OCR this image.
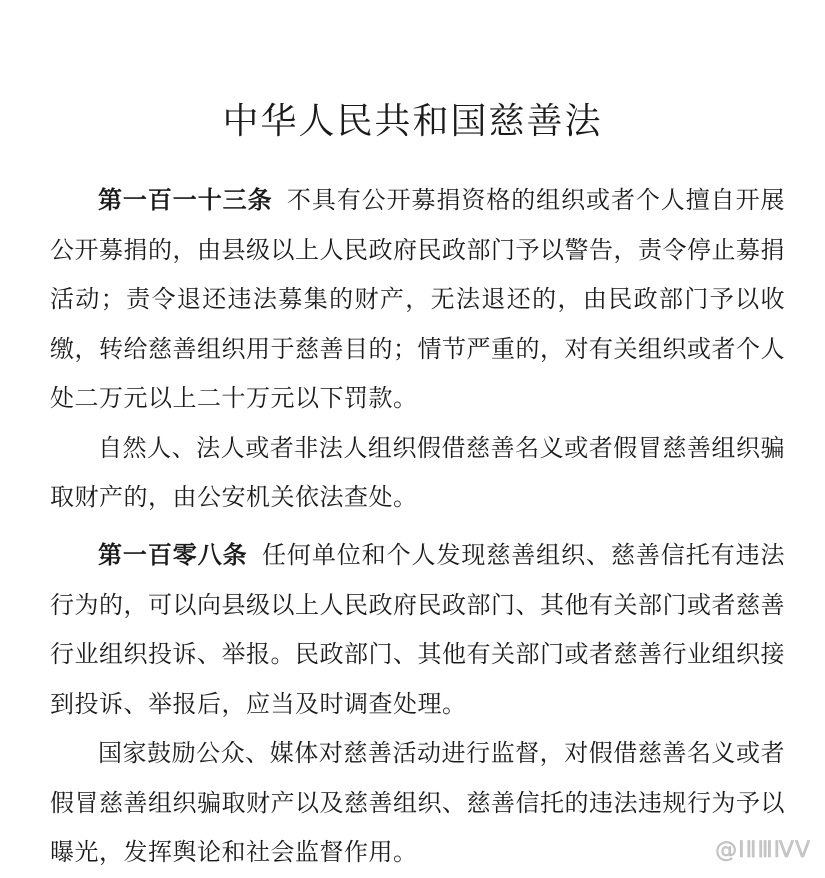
中华人民共和国慈善法

第一百一十三条 不具有公开募捐资格的组织或者个人擅自开展公开募捐的，由县级以上人民政府民政部门予以警告，责令停止募捐活动；责令退还违法募集的财产，无法退还的，由民政部门予以收缴，转给慈善组织用于慈善目的；情节严重的，对有关组织或者个人处二万元以上二十万元以下罚款。

自然人、法人或者非法人组织假借慈善名义或者假冒慈善组织骗取财产的，由公安机关依法查处。

第一百零八条 任何单位和个人发现慈善组织、慈善信托有违法行为的，可以向县级以上人民政府民政部门、其他有关部门或者慈善行业组织投诉、举报。民政部门、其他有关部门或者慈善行业组织接到投诉、举报后，应当及时调查处理。

国家鼓励公众、媒体对慈善活动进行监督，对假借慈善名义或者假冒慈善组织骗取财产以及慈善组织、慈善信托的违法违规行为予以曝光，发挥舆论和社会监督作用。	@ⅠⅡⅢⅣⅤ
